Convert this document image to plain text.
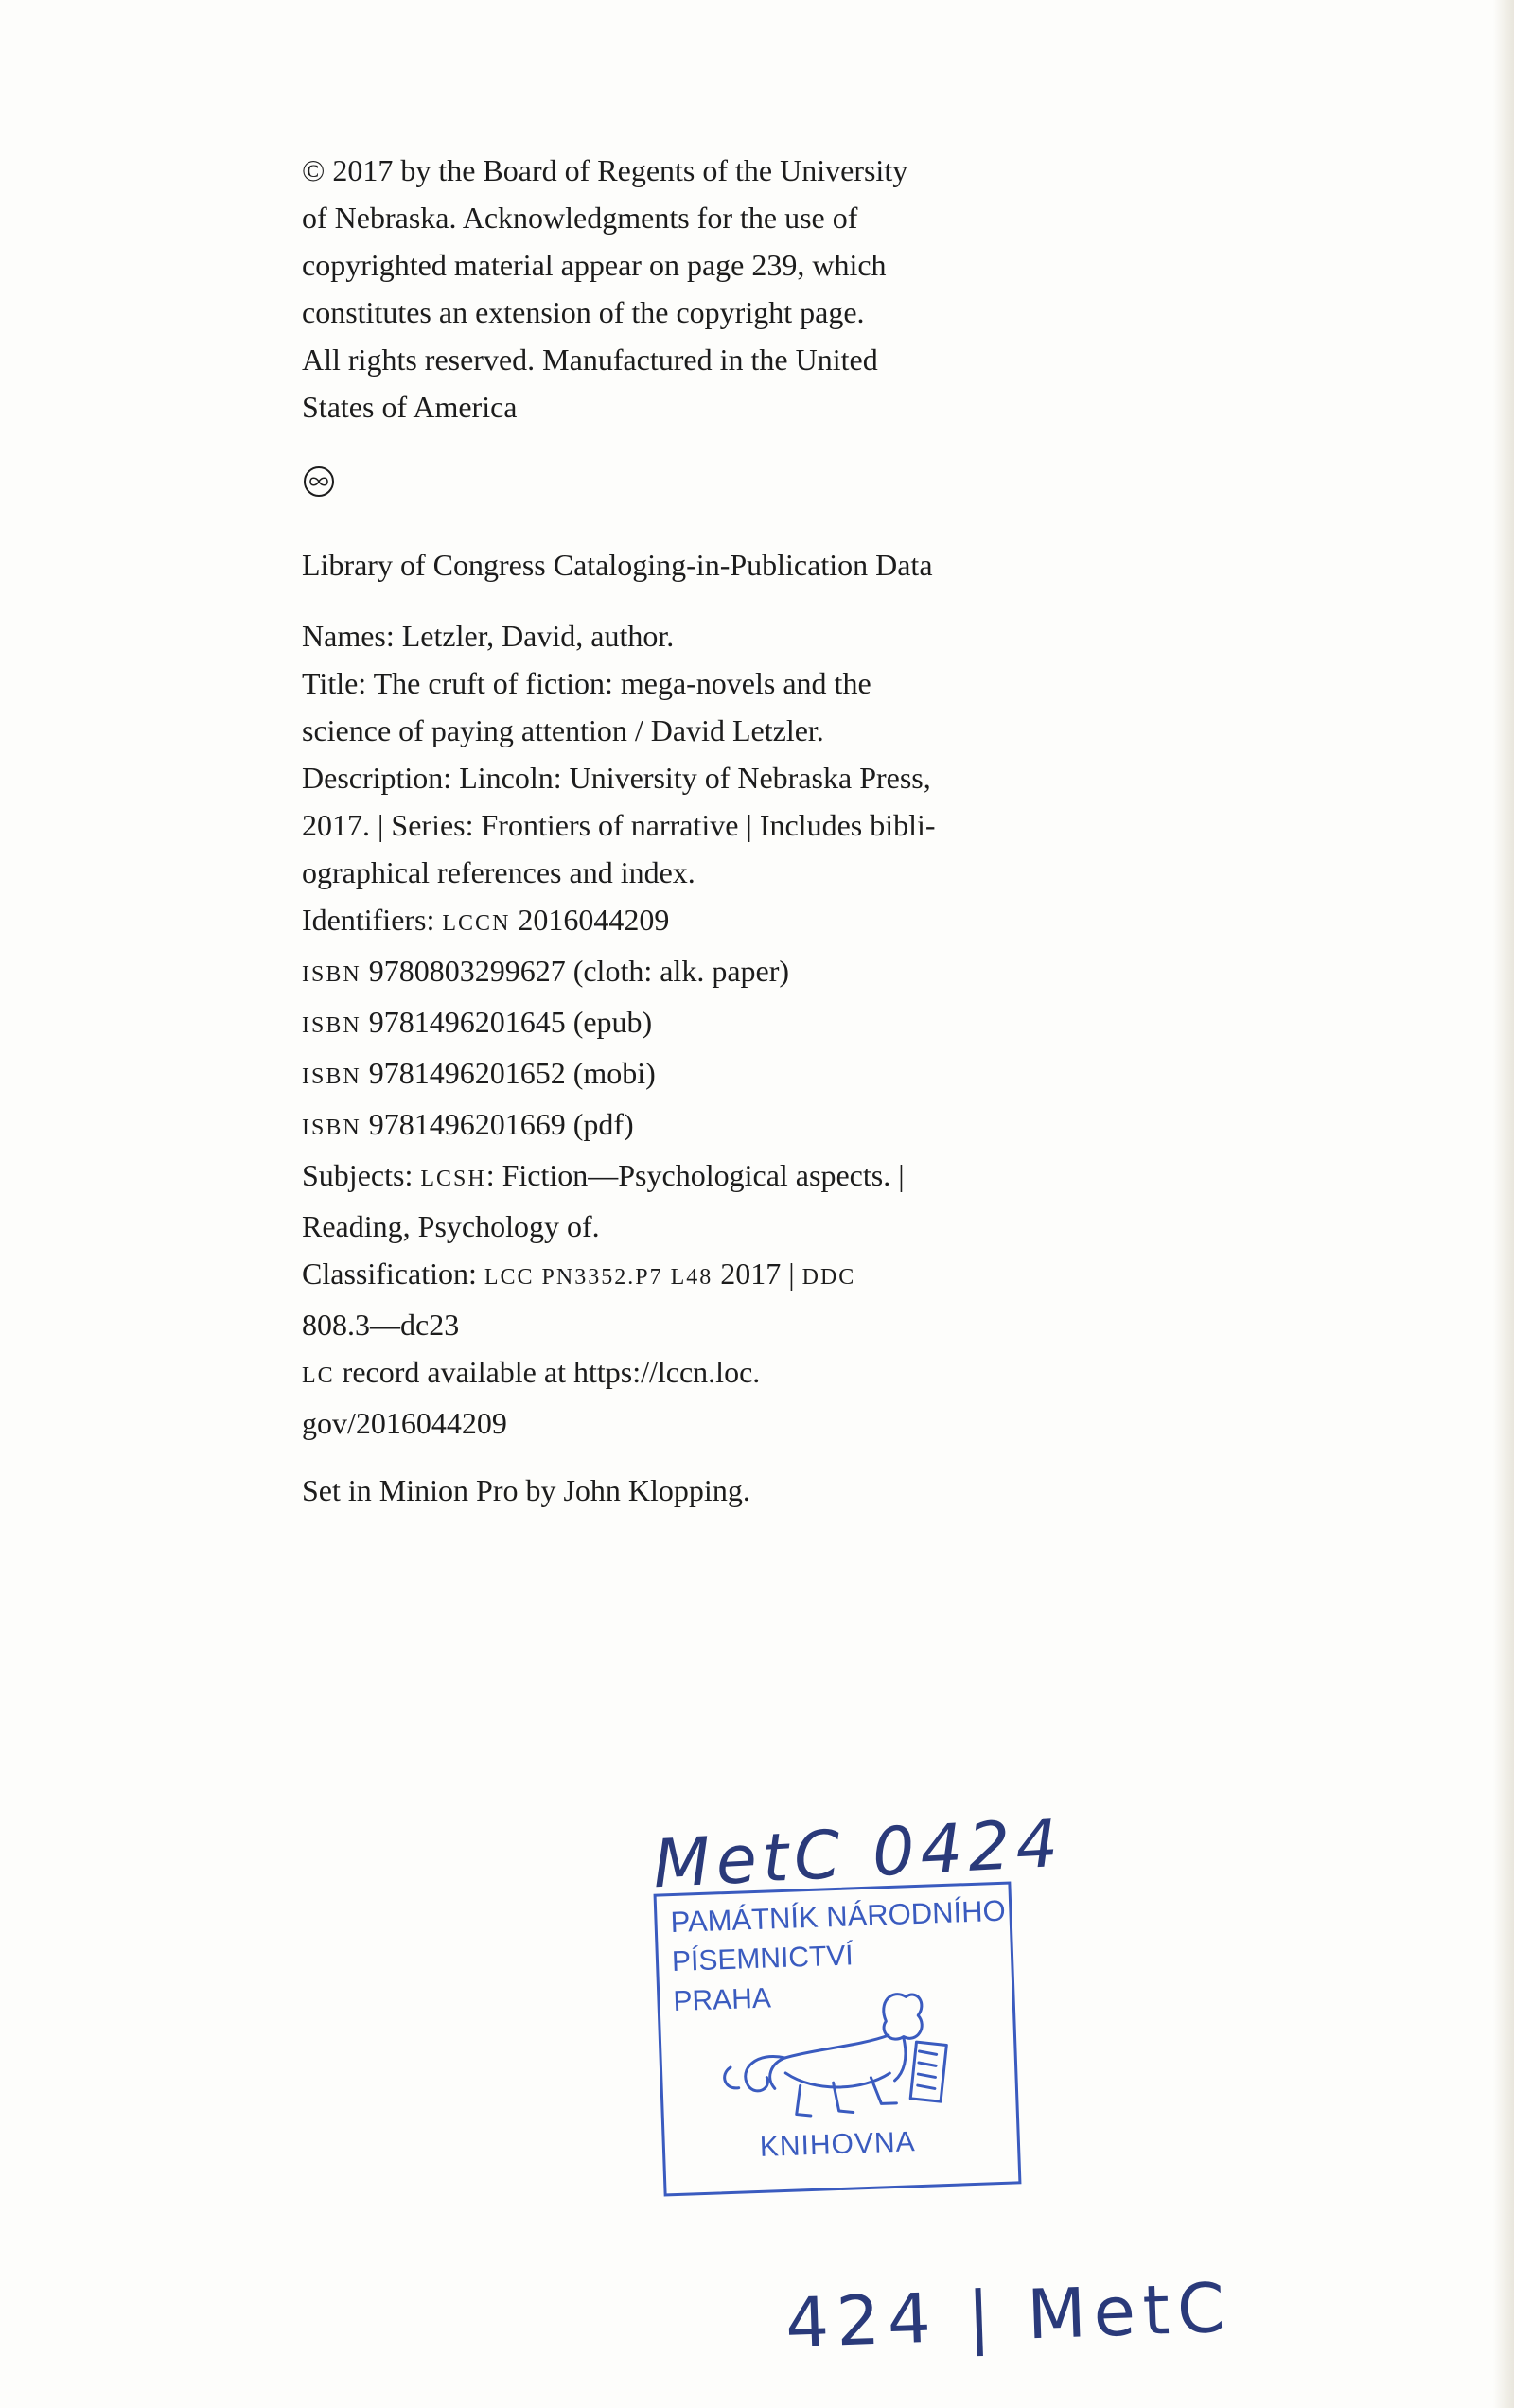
© 2017 by the Board of Regents of the University
of Nebraska. Acknowledgments for the use of
copyrighted material appear on page 239, which
constitutes an extension of the copyright page.
All rights reserved. Manufactured in the United
States of America
Library of Congress Cataloging-in-Publication Data
Names: Letzler, David, author.
Title: The cruft of fiction: mega-novels and the
science of paying attention / David Letzler.
Description: Lincoln: University of Nebraska Press,
2017. | Series: Frontiers of narrative | Includes bibli-
ographical references and index.
Identifiers: LCCN 2016044209
ISBN 9780803299627 (cloth: alk. paper)
ISBN 9781496201645 (epub)
ISBN 9781496201652 (mobi)
ISBN 9781496201669 (pdf)
Subjects: LCSH: Fiction—Psychological aspects. |
Reading, Psychology of.
Classification: LCC PN3352.P7 L48 2017 | DDC
808.3—dc23
LC record available at https://lccn.loc.
gov/2016044209
Set in Minion Pro by John Klopping.
MetC 0424
PAMÁTNÍK NÁRODNÍHO
PÍSEMNICTVÍ
PRAHA
KNIHOVNA
424 | MetC
